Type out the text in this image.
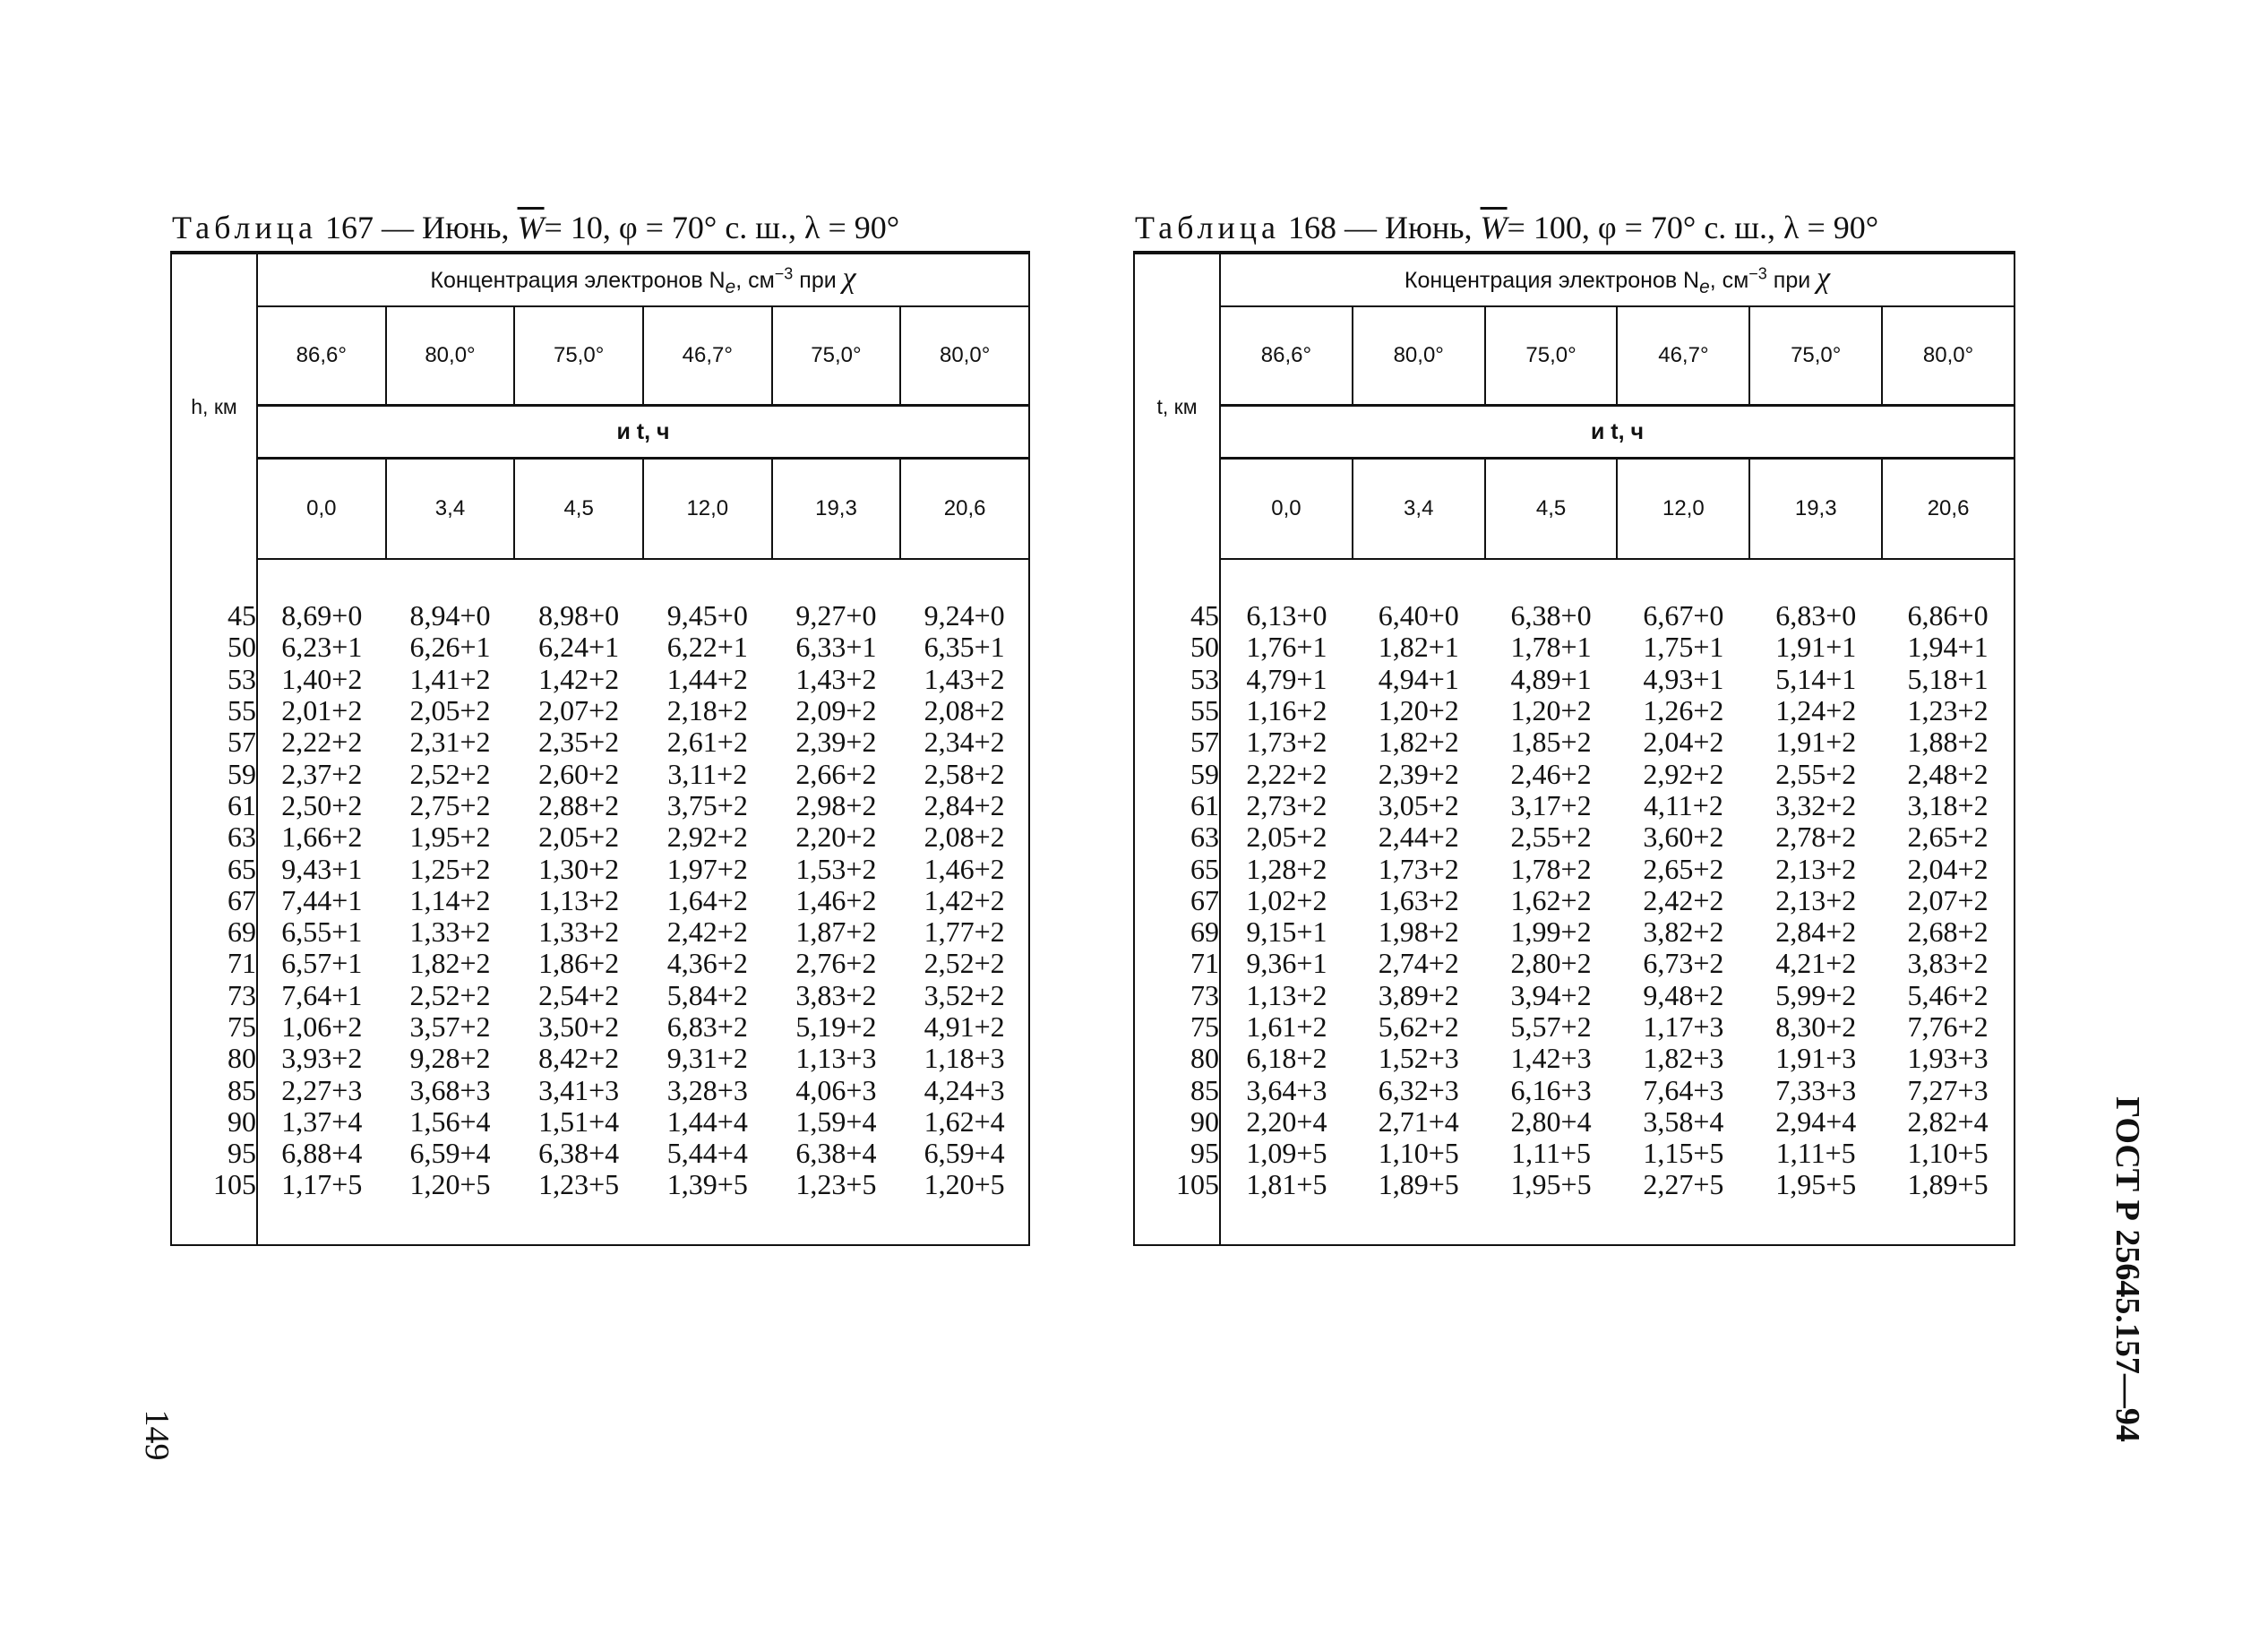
Таблица 167 — Июнь, $\overline{W}= 10$, φ = 70° с. ш., λ = 90°
h, км	Концентрация электронов $N_e$, $см^{-3}$ при χ					
	86,6°	80,0°	75,0°	46,7°	75,0°	80,0°
	и t, ч					
	0,0	3,4	4,5	12,0	19,3	20,6

45	8,69+0	8,94+0	8,98+0	9,45+0	9,27+0	9,24+0
50	6,23+1	6,26+1	6,24+1	6,22+1	6,33+1	6,35+1
53	1,40+2	1,41+2	1,42+2	1,44+2	1,43+2	1,43+2
55	2,01+2	2,05+2	2,07+2	2,18+2	2,09+2	2,08+2
57	2,22+2	2,31+2	2,35+2	2,61+2	2,39+2	2,34+2
59	2,37+2	2,52+2	2,60+2	3,11+2	2,66+2	2,58+2
61	2,50+2	2,75+2	2,88+2	3,75+2	2,98+2	2,84+2
63	1,66+2	1,95+2	2,05+2	2,92+2	2,20+2	2,08+2
65	9,43+1	1,25+2	1,30+2	1,97+2	1,53+2	1,46+2
67	7,44+1	1,14+2	1,13+2	1,64+2	1,46+2	1,42+2
69	6,55+1	1,33+2	1,33+2	2,42+2	1,87+2	1,77+2
71	6,57+1	1,82+2	1,86+2	4,36+2	2,76+2	2,52+2
73	7,64+1	2,52+2	2,54+2	5,84+2	3,83+2	3,52+2
75	1,06+2	3,57+2	3,50+2	6,83+2	5,19+2	4,91+2
80	3,93+2	9,28+2	8,42+2	9,31+2	1,13+3	1,18+3
85	2,27+3	3,68+3	3,41+3	3,28+3	4,06+3	4,24+3
90	1,37+4	1,56+4	1,51+4	1,44+4	1,59+4	1,62+4
95	6,88+4	6,59+4	6,38+4	5,44+4	6,38+4	6,59+4
105	1,17+5	1,20+5	1,23+5	1,39+5	1,23+5	1,20+5

Таблица 168 — Июнь, $\overline{W}= 100$, φ = 70° с. ш., λ = 90°
t, км	Концентрация электронов $N_e$, $см^{-3}$ при χ					
	86,6°	80,0°	75,0°	46,7°	75,0°	80,0°
	и t, ч					
	0,0	3,4	4,5	12,0	19,3	20,6

45	6,13+0	6,40+0	6,38+0	6,67+0	6,83+0	6,86+0
50	1,76+1	1,82+1	1,78+1	1,75+1	1,91+1	1,94+1
53	4,79+1	4,94+1	4,89+1	4,93+1	5,14+1	5,18+1
55	1,16+2	1,20+2	1,20+2	1,26+2	1,24+2	1,23+2
57	1,73+2	1,82+2	1,85+2	2,04+2	1,91+2	1,88+2
59	2,22+2	2,39+2	2,46+2	2,92+2	2,55+2	2,48+2
61	2,73+2	3,05+2	3,17+2	4,11+2	3,32+2	3,18+2
63	2,05+2	2,44+2	2,55+2	3,60+2	2,78+2	2,65+2
65	1,28+2	1,73+2	1,78+2	2,65+2	2,13+2	2,04+2
67	1,02+2	1,63+2	1,62+2	2,42+2	2,13+2	2,07+2
69	9,15+1	1,98+2	1,99+2	3,82+2	2,84+2	2,68+2
71	9,36+1	2,74+2	2,80+2	6,73+2	4,21+2	3,83+2
73	1,13+2	3,89+2	3,94+2	9,48+2	5,99+2	5,46+2
75	1,61+2	5,62+2	5,57+2	1,17+3	8,30+2	7,76+2
80	6,18+2	1,52+3	1,42+3	1,82+3	1,91+3	1,93+3
85	3,64+3	6,32+3	6,16+3	7,64+3	7,33+3	7,27+3
90	2,20+4	2,71+4	2,80+4	3,58+4	2,94+4	2,82+4
95	1,09+5	1,10+5	1,11+5	1,15+5	1,11+5	1,10+5
105	1,81+5	1,89+5	1,95+5	2,27+5	1,95+5	1,89+5

149	ГОСТ Р 25645.157—94
